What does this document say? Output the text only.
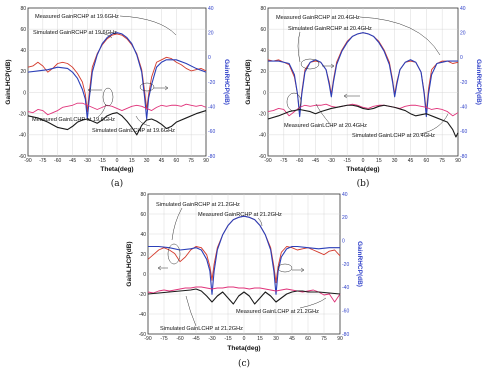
-90 -75 -60 -45 -30 -15 0 15 30 45 60 75 90
-60
-40
-20
0
20
40
60
80
-80
-60
-40
-20
0
20
40
Theta(deg)
GainLHCP(dB)	GainRHCP(dB)
Measured GainRCHP at 19.6GHz
Simulated GainRCHP at 19.6GHz
Measured GainLCHP at 19.6GHz
Simulated GainLCHP at 19.6GHz
(a)
-90 -75 -60 -45 -30 -15 0 15 30 45 60 75 90
-60
-40
-20
0
20
40
60
80
-80
-60
-40
-20
0
20
40
Theta(deg)
GainLHCP(dB)	GainRHCP(dB)
Measured GainRCHP at 20.4GHz
Simulated GainRCHP at 20.4GHz
Measured GainLCHP at 20.4GHz
Simulated GainLCHP at 20.4GHz
(b)
-90 -75 -60 -45 -30 -15 0 15 30 45 60 75 90
-60
-40
-20
0
20
40
60
80
-80
-60
-40
-20
0
20
40
Theta(deg)
GainLHCP(dB)	GainRHCP(dB)
Simulated GainRCHP at 21.2GHz
Measured GainRCHP at 21.2GHz
Measured GainLCHP at 21.2GHz
Simulated GainLCHP at 21.2GHz
(c)
